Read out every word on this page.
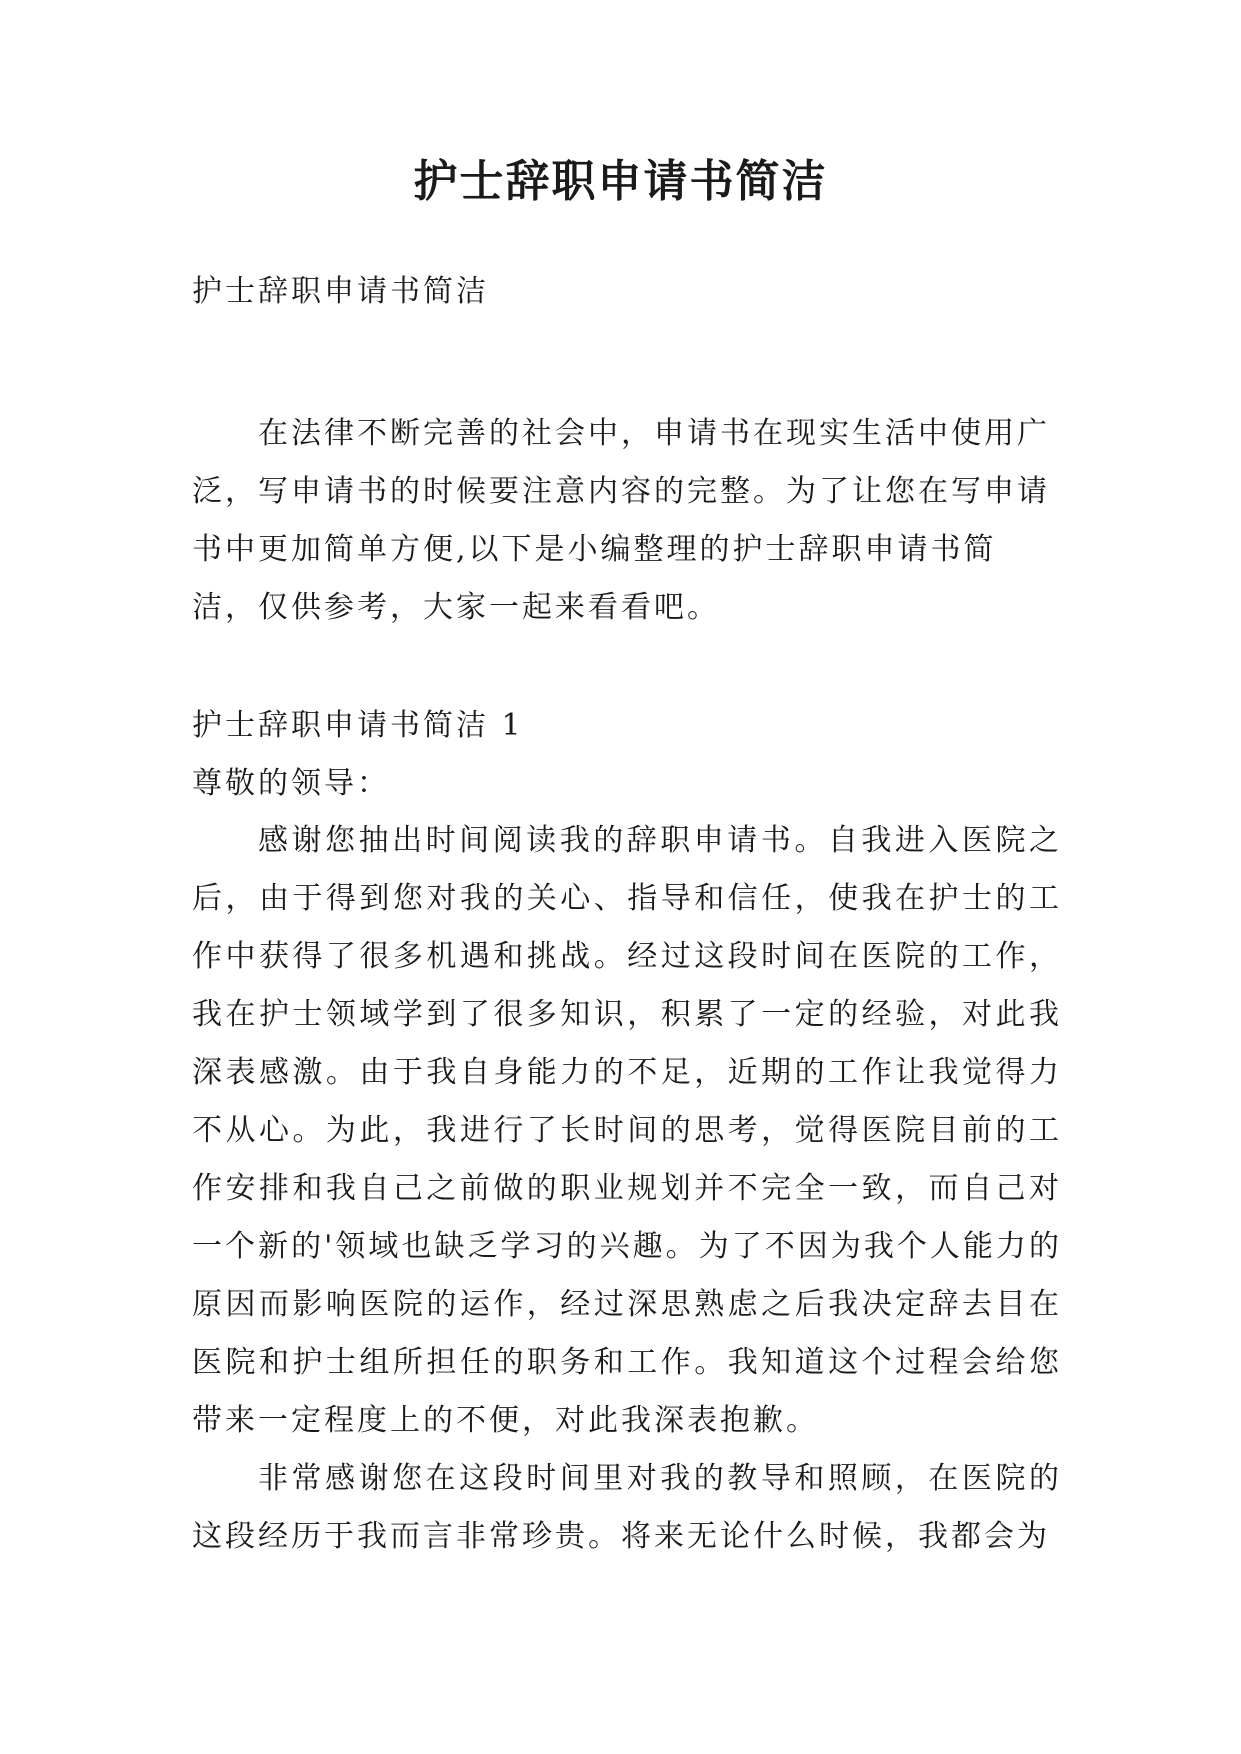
护士辞职申请书简洁

护士辞职申请书简洁

在法律不断完善的社会中，申请书在现实生活中使用广泛，写申请书的时候要注意内容的完整。为了让您在写申请书中更加简单方便,以下是小编整理的护士辞职申请书简洁，仅供参考，大家一起来看看吧。

护士辞职申请书简洁 1

尊敬的领导：

感谢您抽出时间阅读我的辞职申请书。自我进入医院之后，由于得到您对我的关心、指导和信任，使我在护士的工作中获得了很多机遇和挑战。经过这段时间在医院的工作，我在护士领域学到了很多知识，积累了一定的经验，对此我深表感激。由于我自身能力的不足，近期的工作让我觉得力不从心。为此，我进行了长时间的思考，觉得医院目前的工作安排和我自己之前做的职业规划并不完全一致，而自己对一个新的'领域也缺乏学习的兴趣。为了不因为我个人能力的原因而影响医院的运作，经过深思熟虑之后我决定辞去目在医院和护士组所担任的职务和工作。我知道这个过程会给您带来一定程度上的不便，对此我深表抱歉。

非常感谢您在这段时间里对我的教导和照顾，在医院的这段经历于我而言非常珍贵。将来无论什么时候，我都会为
